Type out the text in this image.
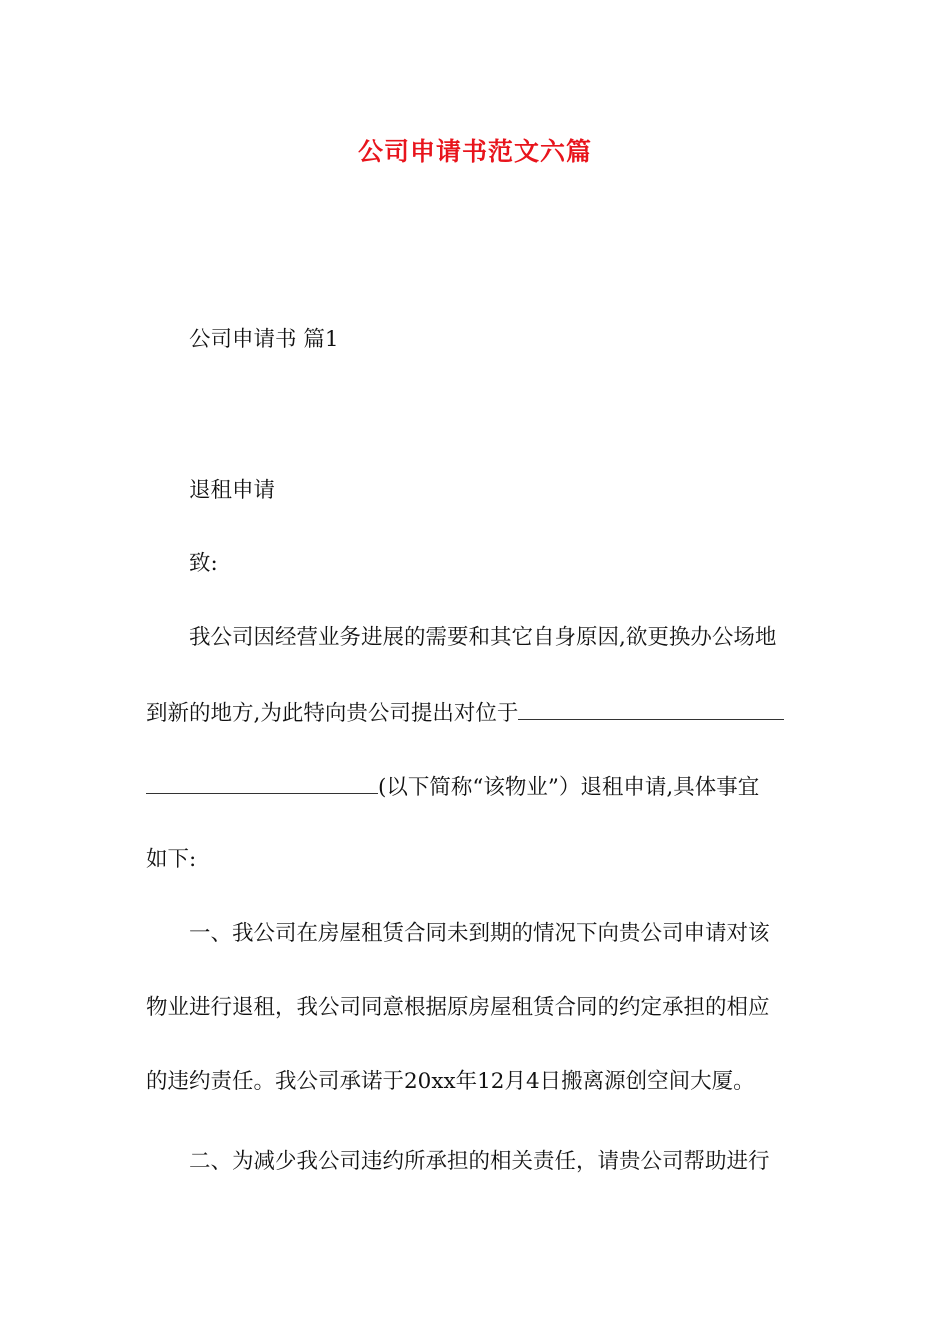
公司申请书范文六篇
公司申请书 篇1
退租申请
致:
我公司因经营业务进展的需要和其它自身原因,欲更换办公场地
到新的地方,为此特向贵公司提出对位于
(以下简称“该物业”）退租申请,具体事宜
如下:
一、我公司在房屋租赁合同未到期的情况下向贵公司申请对该
物业进行退租，我公司同意根据原房屋租赁合同的约定承担的相应
的违约责任。我公司承诺于20xx年12月4日搬离源创空间大厦。
二、为减少我公司违约所承担的相关责任，请贵公司帮助进行
